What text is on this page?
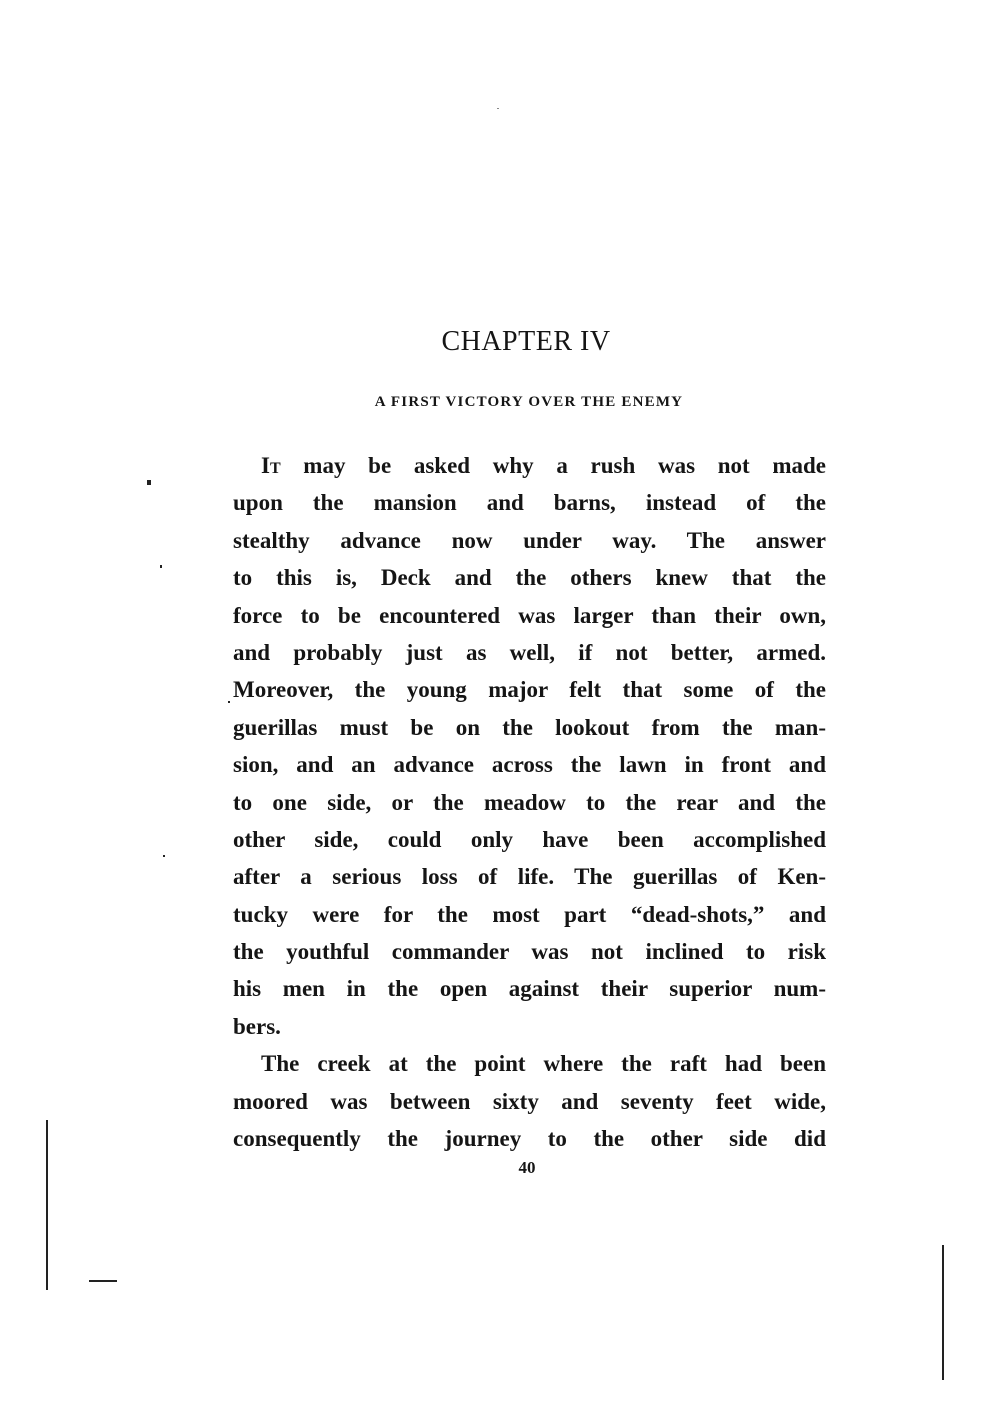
CHAPTER IV
A FIRST VICTORY OVER THE ENEMY
It may be asked why a rush was not made
upon the mansion and barns, instead of the
stealthy advance now under way. The answer
to this is, Deck and the others knew that the
force to be encountered was larger than their own,
and probably just as well, if not better, armed.
Moreover, the young major felt that some of the
guerillas must be on the lookout from the man-
sion, and an advance across the lawn in front and
to one side, or the meadow to the rear and the
other side, could only have been accomplished
after a serious loss of life. The guerillas of Ken-
tucky were for the most part “dead-shots,” and
the youthful commander was not inclined to risk
his men in the open against their superior num-
bers.
The creek at the point where the raft had been
moored was between sixty and seventy feet wide,
consequently the journey to the other side did
40
